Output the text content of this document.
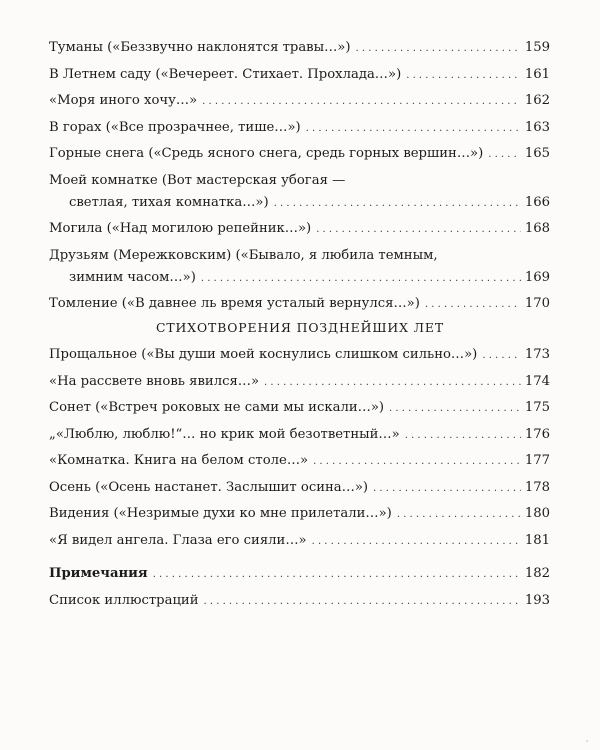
Туманы («Беззвучно наклонятся травы…») . . .	159
В Летнем саду («Вечереет. Стихает. Прохлада…») . . .	161
«Моря иного хочу…» . . .	162
В горах («Все прозрачнее, тише…») . . .	163
Горные снега («Средь ясного снега, средь горных вершин…») . . .	165
Моей комнатке (Вот мастерская убогая —
светлая, тихая комнатка…») . . .	166
Могила («Над могилою репейник…») . . .	168
Друзьям (Мережковским) («Бывало, я любила темным,
зимним часом…») . . .	169
Томление («В давнее ль время усталый вернулся…») . . .	170
СТИХОТВОРЕНИЯ ПОЗДНЕЙШИХ ЛЕТ
Прощальное («Вы души моей коснулись слишком сильно…») . . .	173
«На рассвете вновь явился…» . . .	174
Сонет («Встреч роковых не сами мы искали…») . . .	175
„«Люблю, люблю!“… но крик мой безответный…» . . .	176
«Комнатка. Книга на белом столе…» . . .	177
Осень («Осень настанет. Заслышит осина…») . . .	178
Видения («Незримые духи ко мне прилетали…») . . .	180
«Я видел ангела. Глаза его сияли…» . . .	181
Примечания . . .	182
Список иллюстраций . . .	193
